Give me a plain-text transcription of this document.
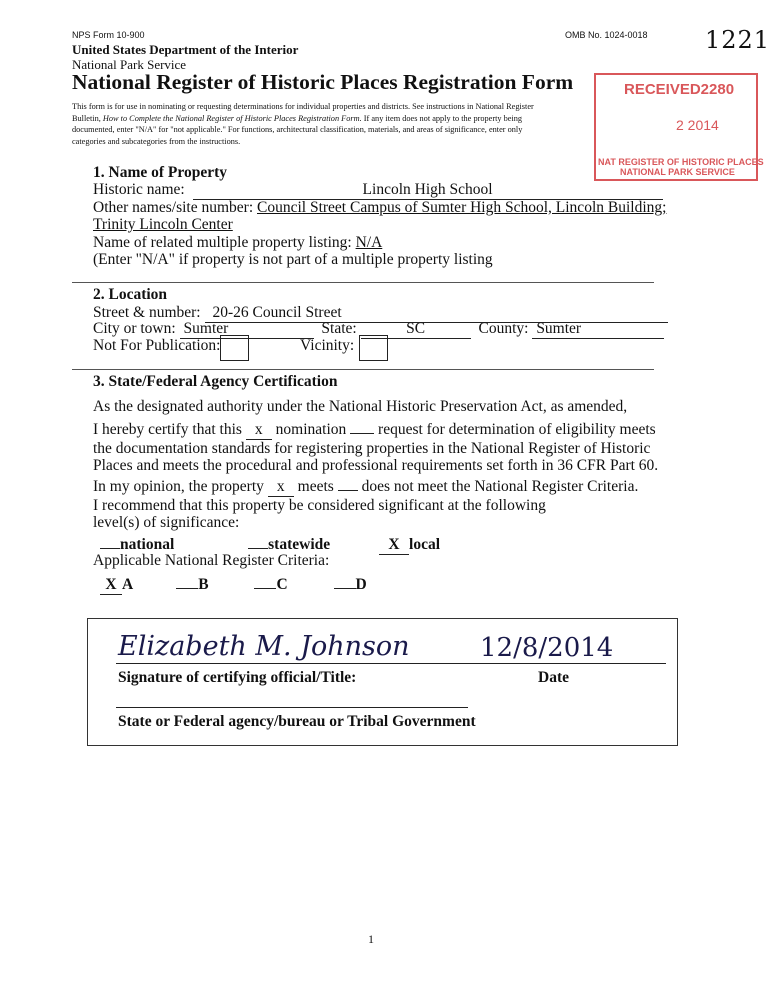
NPS Form 10-900	OMB No. 1024-0018 1221
United States Department of the Interior
National Park Service
National Register of Historic Places Registration Form
This form is for use in nominating or requesting determinations for individual properties and districts. See instructions in National Register
Bulletin, How to Complete the National Register of Historic Places Registration Form. If any item does not apply to the property being
documented, enter "N/A" for "not applicable." For functions, architectural classification, materials, and areas of significance, enter only
categories and subcategories from the instructions.
RECEIVED2280
2 2014
NAT REGISTER OF HISTORIC PLACES
NATIONAL PARK SERVICE
1. Name of Property
Historic name:	Lincoln High School
Other names/site number: Council Street Campus of Sumter High School, Lincoln Building;
Trinity Lincoln Center
Name of related multiple property listing: N/A
(Enter "N/A" if property is not part of a multiple property listing
2. Location
Street & number: 20-26 Council Street
City or town: Sumter	State:	SC	County: Sumter
Not For Publication:	Vicinity:
3. State/Federal Agency Certification
As the designated authority under the National Historic Preservation Act, as amended,
I hereby certify that this x nomination  request for determination of eligibility meets
the documentation standards for registering properties in the National Register of Historic
Places and meets the procedural and professional requirements set forth in 36 CFR Part 60.
In my opinion, the property x meets  does not meet the National Register Criteria.
I recommend that this property be considered significant at the following
level(s) of significance:
national	statewide	X local
Applicable National Register Criteria:
X A	B	C	D
Elizabeth M. Johnson	12/8/2014
Signature of certifying official/Title:	Date
State or Federal agency/bureau or Tribal Government
1
